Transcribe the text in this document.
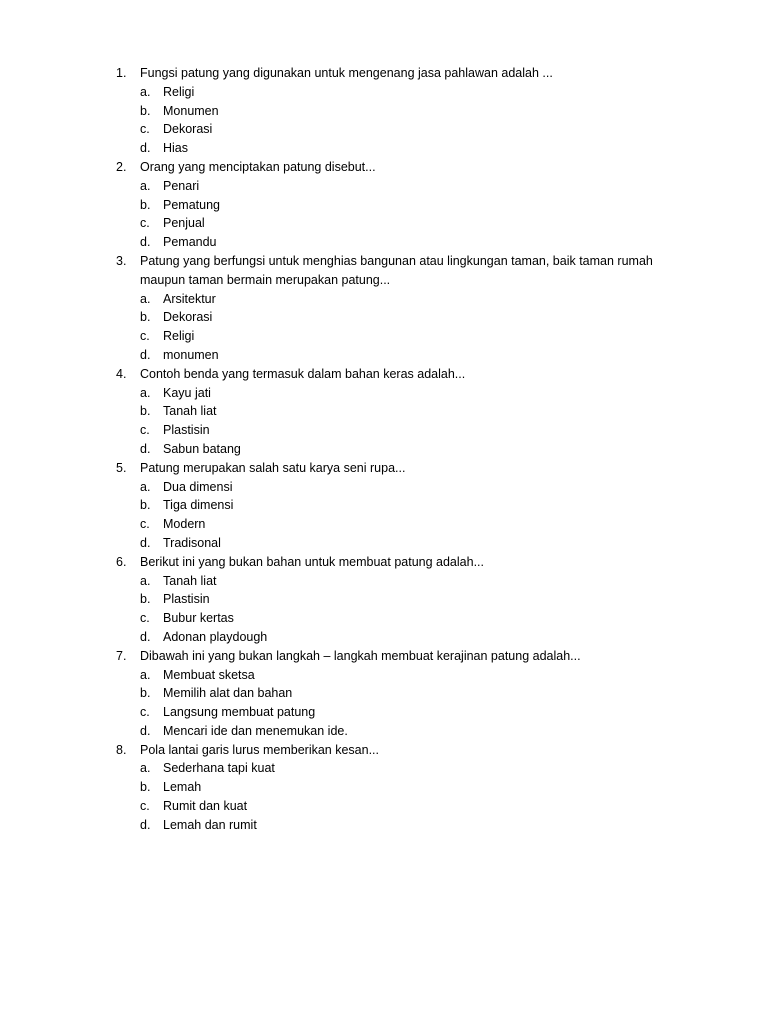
1.	Fungsi patung yang digunakan untuk mengenang jasa pahlawan adalah ...
a.	Religi
b.	Monumen
c.	Dekorasi
d.	Hias
2.	Orang yang menciptakan patung disebut...
a.	Penari
b.	Pematung
c.	Penjual
d.	Pemandu
3.	Patung yang berfungsi untuk menghias bangunan atau lingkungan taman, baik taman rumah maupun taman bermain merupakan patung...
a.	Arsitektur
b.	Dekorasi
c.	Religi
d.	monumen
4.	Contoh benda yang termasuk dalam bahan keras adalah...
a.	Kayu jati
b.	Tanah liat
c.	Plastisin
d.	Sabun batang
5.	Patung merupakan salah satu karya seni rupa...
a.	Dua dimensi
b.	Tiga dimensi
c.	Modern
d.	Tradisonal
6.	Berikut ini yang bukan bahan untuk membuat patung adalah...
a.	Tanah liat
b.	Plastisin
c.	Bubur kertas
d.	Adonan playdough
7.	Dibawah ini yang bukan langkah – langkah membuat kerajinan patung adalah...
a.	Membuat sketsa
b.	Memilih alat dan bahan
c.	Langsung membuat patung
d.	Mencari ide dan menemukan ide.
8.	Pola lantai garis lurus memberikan kesan...
a.	Sederhana tapi kuat
b.	Lemah
c.	Rumit dan kuat
d.	Lemah dan rumit
